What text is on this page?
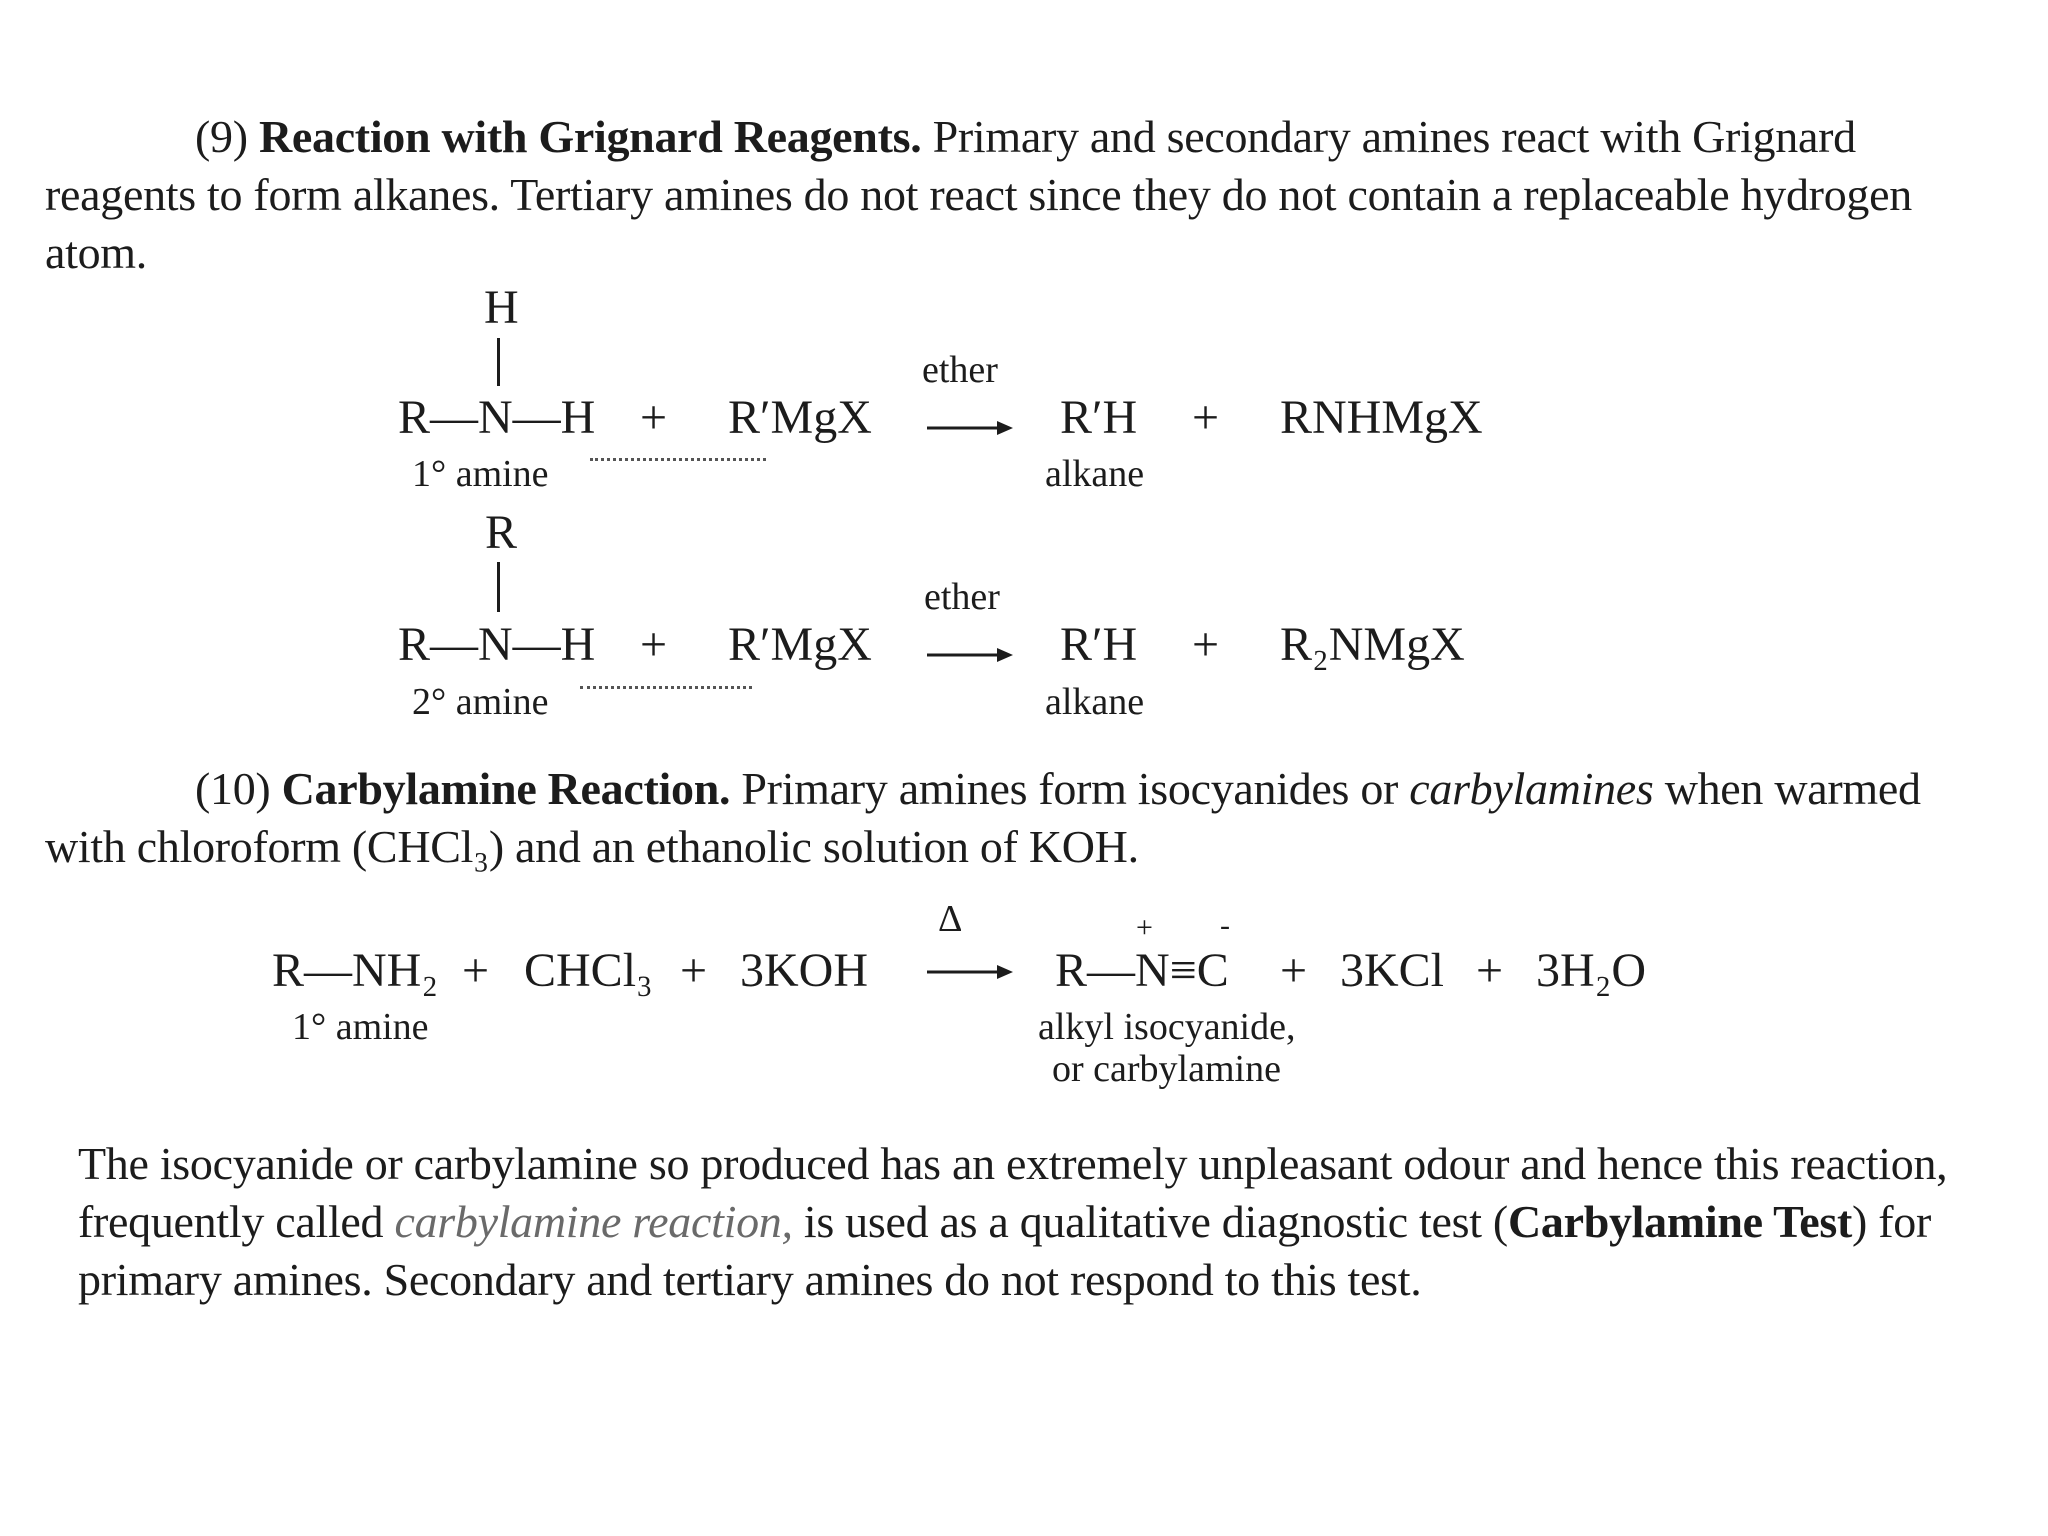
(9) Reaction with Grignard Reagents. Primary and secondary amines react with Grignard reagents to form alkanes. Tertiary amines do not react since they do not contain a replaceable hydrogen atom.

H
R—N—H
1° amine
+ R′MgX
ether
R′H
alkane
+ RNHMgX
R
R—N—H
2° amine
+ R′MgX
ether
R′H
alkane
+ R₂NMgX

(10) Carbylamine Reaction. Primary amines form isocyanides or carbylamines when warmed with chloroform (CHCl₃) and an ethanolic solution of KOH.

R—NH₂
1° amine
+ CHCl₃ + 3KOH
Δ	+ -
R—N≡C
alkyl isocyanide,
or carbylamine
+ 3KCl + 3H₂O

The isocyanide or carbylamine so produced has an extremely unpleasant odour and hence this reaction, frequently called carbylamine reaction, is used as a qualitative diagnostic test (Carbylamine Test) for primary amines. Secondary and tertiary amines do not respond to this test.
